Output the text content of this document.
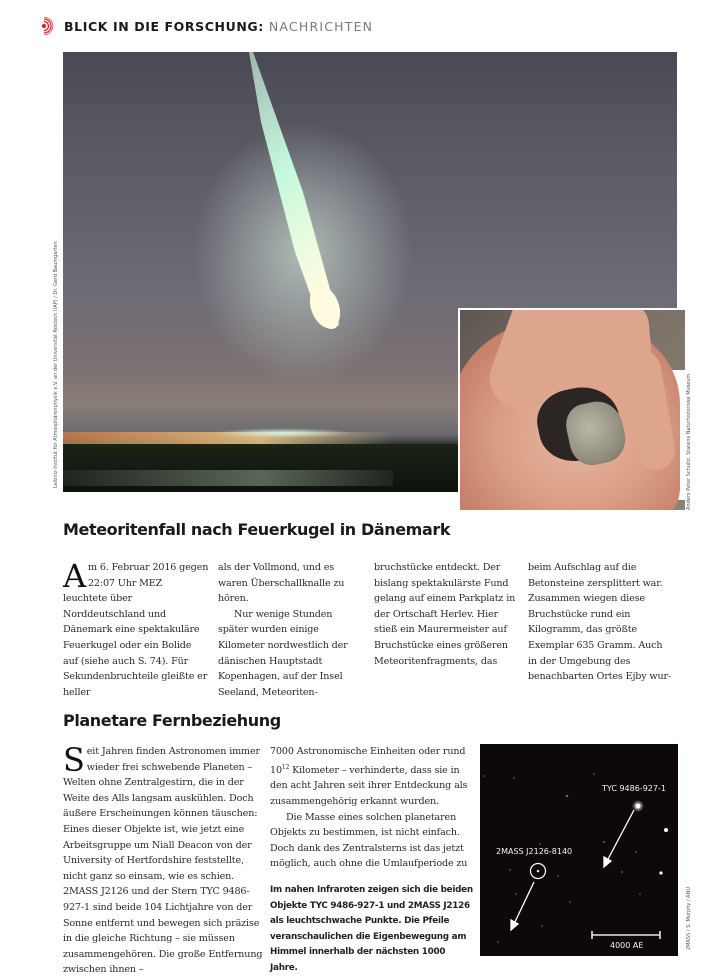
BLICK IN DIE FORSCHUNG: NACHRICHTEN
Leibniz-Institut für Atmosphärenphysik e.V. an der Universität Rostock (IAP) / Dr. Gerd Baumgarten	Anders Peter Schultz, Statens Naturhistoriske Museum
Meteoritenfall nach Feuerkugel in Dänemark

Am 6. Februar 2016 gegen 22:07 Uhr MEZ leuchtete über Norddeutschland und Dänemark eine spektakuläre Feuerkugel oder ein Bolide auf (siehe auch S. 74). Für Sekundenbruchteile gleißte er heller

als der Vollmond, und es waren Überschallknalle zu hören.

Nur wenige Stunden später wurden einige Kilometer nordwestlich der dänischen Hauptstadt Kopenhagen, auf der Insel Seeland, Meteoriten-

bruchstücke entdeckt. Der bislang spektakulärste Fund gelang auf einem Parkplatz in der Ortschaft Herlev. Hier stieß ein Maurermeister auf Bruchstücke eines größeren Meteoritenfragments, das

beim Aufschlag auf die Betonsteine zersplittert war. Zusammen wiegen diese Bruchstücke rund ein Kilogramm, das größte Exemplar 635 Gramm. Auch in der Umgebung des benachbarten Ortes Ejby wur-

Planetare Fernbeziehung

Seit Jahren finden Astronomen immer wieder frei schwebende Planeten – Welten ohne Zentralgestirn, die in der Weite des Alls langsam auskühlen. Doch äußere Erscheinungen können täuschen: Eines dieser Objekte ist, wie jetzt eine Arbeitsgruppe um Niall Deacon von der University of Hertfordshire feststellte, nicht ganz so einsam, wie es schien. 2MASS J2126 und der Stern TYC 9486-927-1 sind beide 104 Lichtjahre von der Sonne entfernt und bewegen sich präzise in die gleiche Richtung – sie müssen zusammengehören. Die große Entfernung zwischen ihnen –

7000 Astronomische Einheiten oder rund $10^{12}$ Kilometer – verhinderte, dass sie in den acht Jahren seit ihrer Entdeckung als zusammengehörig erkannt wurden.

Die Masse eines solchen planetaren Objekts zu bestimmen, ist nicht einfach. Doch dank des Zentralsterns ist das jetzt möglich, auch ohne die Umlaufperiode zu

Im nahen Infraroten zeigen sich die beiden Objekte TYC 9486-927-1 und 2MASS J2126 als leuchtschwache Punkte. Die Pfeile veranschaulichen die Eigenbewegung am Himmel innerhalb der nächsten 1000 Jahre.
TYC 9486-927-1
2MASS J2126-8140
4000 AE	2MASS / S. Murphy / ANU
